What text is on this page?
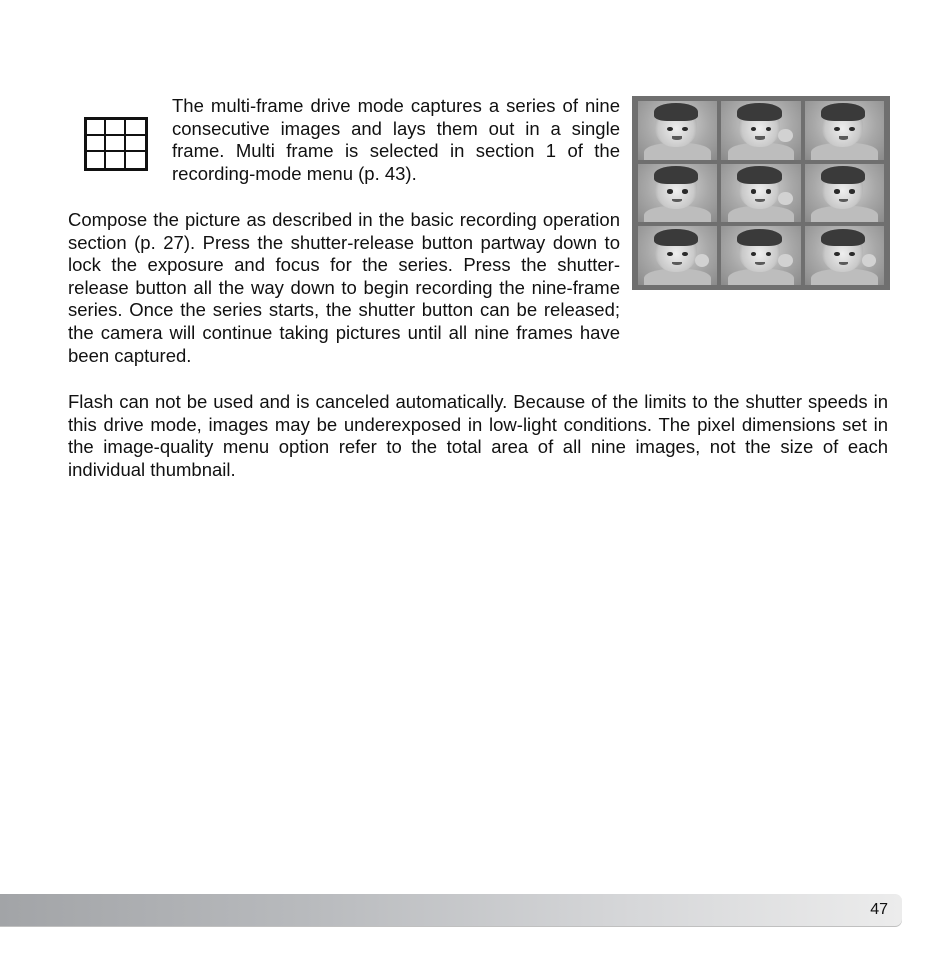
The multi-frame drive mode captures a series of nine consecutive images and lays them out in a single frame. Multi frame is selected in section 1 of the recording-mode menu (p. 43).

Compose the picture as described in the basic recording operation section (p. 27). Press the shutter-release button partway down to lock the exposure and focus for the series. Press the shutter-release button all the way down to begin recording the nine-frame series. Once the series starts, the shutter button can be released; the camera will continue taking pictures until all nine frames have been captured.

Flash can not be used and is canceled automatically. Because of the limits to the shutter speeds in this drive mode, images may be underexposed in low-light conditions. The pixel dimensions set in the image-quality menu option refer to the total area of all nine images, not the size of each individual thumbnail.

47
